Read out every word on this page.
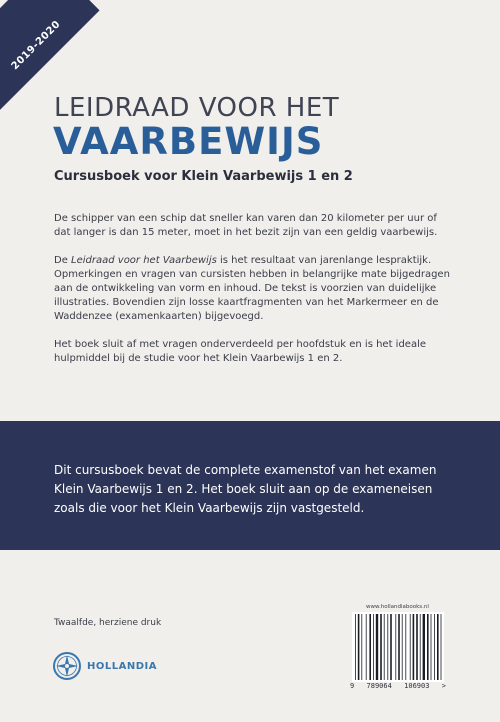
2019-2020
LEIDRAAD VOOR HET
VAARBEWIJS
Cursusboek voor Klein Vaarbewijs 1 en 2

De schipper van een schip dat sneller kan varen dan 20 kilometer per uur of dat langer is dan 15 meter, moet in het bezit zijn van een geldig vaarbewijs.

De Leidraad voor het Vaarbewijs is het resultaat van jarenlange lespraktijk. Opmerkingen en vragen van cursisten hebben in belangrijke mate bijgedragen aan de ontwikkeling van vorm en inhoud. De tekst is voorzien van duidelijke illustraties. Bovendien zijn losse kaartfragmenten van het Markermeer en de Waddenzee (examenkaarten) bijgevoegd.

Het boek sluit af met vragen onderverdeeld per hoofdstuk en is het ideale hulpmiddel bij de studie voor het Klein Vaarbewijs 1 en 2.

Dit cursusboek bevat de complete examenstof van het examen Klein Vaarbewijs 1 en 2. Het boek sluit aan op de exameneisen zoals die voor het Klein Vaarbewijs zijn vastgesteld.
Twaalfde, herziene druk
HOLLANDIA
www.hollandiabooks.nl
9 789064 106903 >
